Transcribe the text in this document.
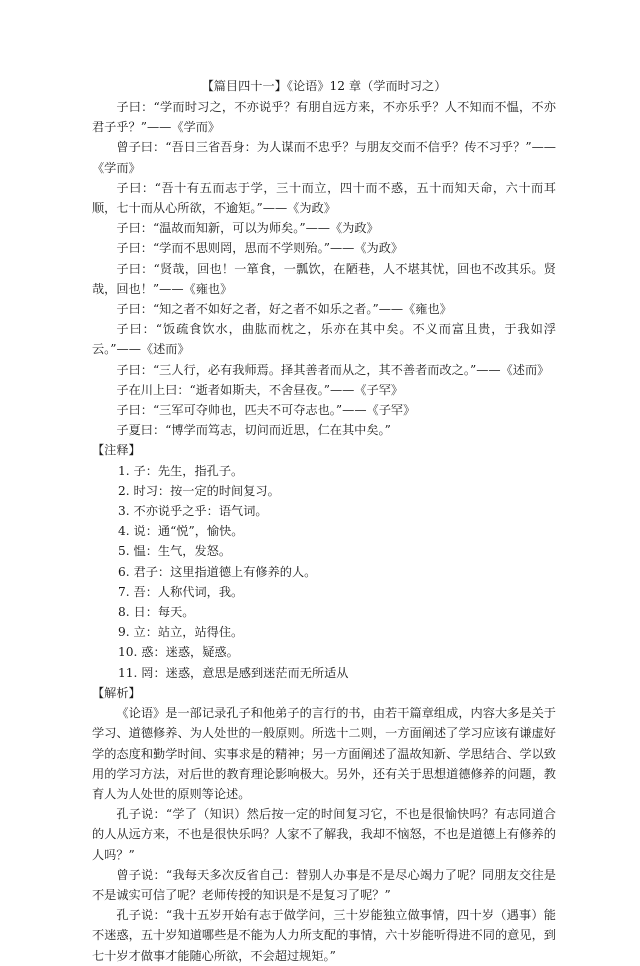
【篇目四十一】《论语》12 章（学而时习之）

子曰：“学而时习之，不亦说乎？有朋自远方来，不亦乐乎？人不知而不愠，不亦君子乎？”——《学而》

曾子曰：“吾日三省吾身：为人谋而不忠乎？与朋友交而不信乎？传不习乎？”——《学而》

子曰：“吾十有五而志于学，三十而立，四十而不惑，五十而知天命，六十而耳顺，七十而从心所欲，不逾矩。”——《为政》

子曰：“温故而知新，可以为师矣。”——《为政》

子曰：“学而不思则罔，思而不学则殆。”——《为政》

子曰：“贤哉，回也！一箪食，一瓢饮，在陋巷，人不堪其忧，回也不改其乐。贤哉，回也！”——《雍也》

子曰：“知之者不如好之者，好之者不如乐之者。”——《雍也》

子曰：“饭疏食饮水，曲肱而枕之，乐亦在其中矣。不义而富且贵，于我如浮云。”——《述而》

子曰：“三人行，必有我师焉。择其善者而从之，其不善者而改之。”——《述而》

子在川上曰：“逝者如斯夫，不舍昼夜。”——《子罕》

子曰：“三军可夺帅也，匹夫不可夺志也。”——《子罕》

子夏曰：“博学而笃志，切问而近思，仁在其中矣。”

【注释】

1. 子：先生，指孔子。

2. 时习：按一定的时间复习。

3. 不亦说乎之乎：语气词。

4. 说：通“悦”，愉快。

5. 愠：生气，发怒。

6. 君子：这里指道德上有修养的人。

7. 吾：人称代词，我。

8. 日：每天。

9. 立：站立，站得住。

10. 惑：迷惑，疑惑。

11. 罔：迷惑，意思是感到迷茫而无所适从

【解析】

《论语》是一部记录孔子和他弟子的言行的书，由若干篇章组成，内容大多是关于学习、道德修养、为人处世的一般原则。所选十二则，一方面阐述了学习应该有谦虚好学的态度和勤学时间、实事求是的精神；另一方面阐述了温故知新、学思结合、学以致用的学习方法，对后世的教育理论影响极大。另外，还有关于思想道德修养的问题，教育人为人处世的原则等论述。

孔子说：“学了（知识）然后按一定的时间复习它，不也是很愉快吗？有志同道合的人从远方来，不也是很快乐吗？人家不了解我，我却不恼怒，不也是道德上有修养的人吗？”

曾子说：“我每天多次反省自己：替别人办事是不是尽心竭力了呢？同朋友交往是不是诚实可信了呢？老师传授的知识是不是复习了呢？”

孔子说：“我十五岁开始有志于做学问，三十岁能独立做事情，四十岁（遇事）能不迷惑，五十岁知道哪些是不能为人力所支配的事情，六十岁能听得进不同的意见，到七十岁才做事才能随心所欲，不会超过规矩。”
